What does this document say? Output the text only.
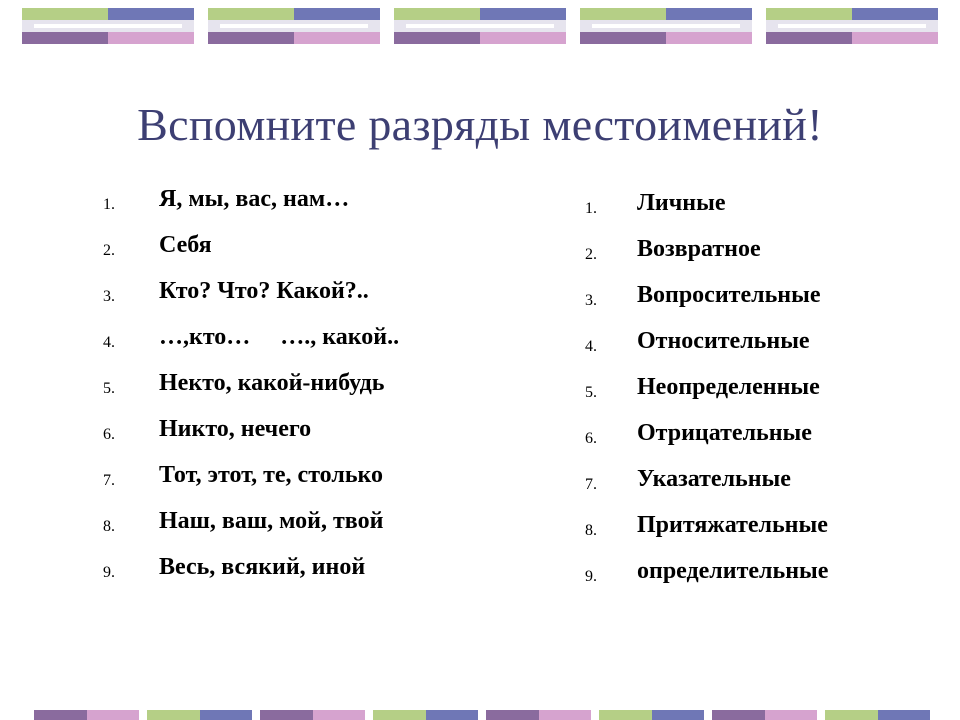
Вспомните разряды местоимений!
1.	Я, мы, вас, нам…
2.	Себя
3.	Кто? Что? Какой?..
4.	…,кто…     …., какой..
5.	Некто, какой-нибудь
6.	Никто, нечего
7.	Тот, этот, те, столько
8.	Наш, ваш, мой, твой
9.	Весь, всякий, иной
1.	Личные
2.	Возвратное
3.	Вопросительные
4.	Относительные
5.	Неопределенные
6.	Отрицательные
7.	Указательные
8.	Притяжательные
9.	определительные
